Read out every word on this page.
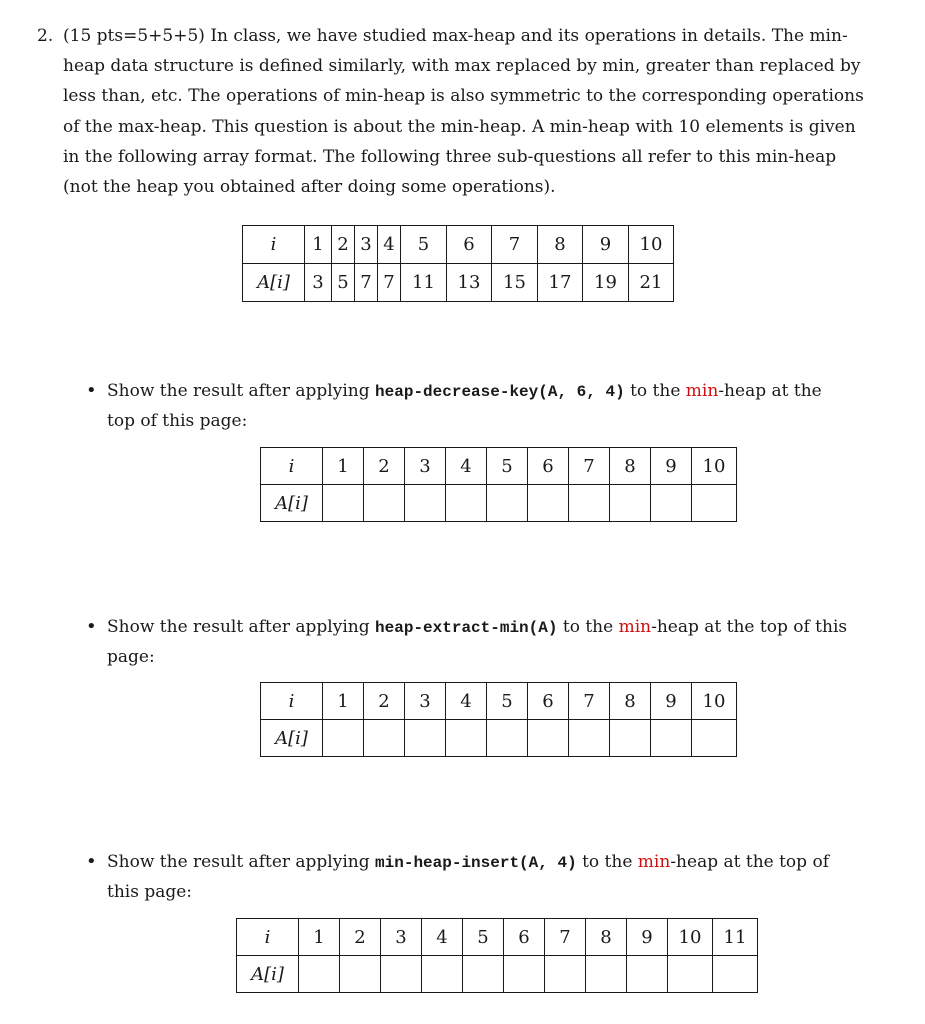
2. (15 pts=5+5+5) In class, we have studied max-heap and its operations in details. The min-
heap data structure is defined similarly, with max replaced by min, greater than replaced by
less than, etc. The operations of min-heap is also symmetric to the corresponding operations
of the max-heap. This question is about the min-heap. A min-heap with 10 elements is given
in the following array format. The following three sub-questions all refer to this min-heap
(not the heap you obtained after doing some operations).
i	1	2	3	4	5	6	7	8	9	10
A[i]	3	5	7	7	11	13	15	17	19	21
• Show the result after applying heap-decrease-key(A, 6, 4) to the min-heap at the
top of this page:
i	1	2	3	4	5	6	7	8	9	10
A[i]										
• Show the result after applying heap-extract-min(A) to the min-heap at the top of this
page:
i	1	2	3	4	5	6	7	8	9	10
A[i]										
• Show the result after applying min-heap-insert(A, 4) to the min-heap at the top of
this page:
i	1	2	3	4	5	6	7	8	9	10	11
A[i]											
